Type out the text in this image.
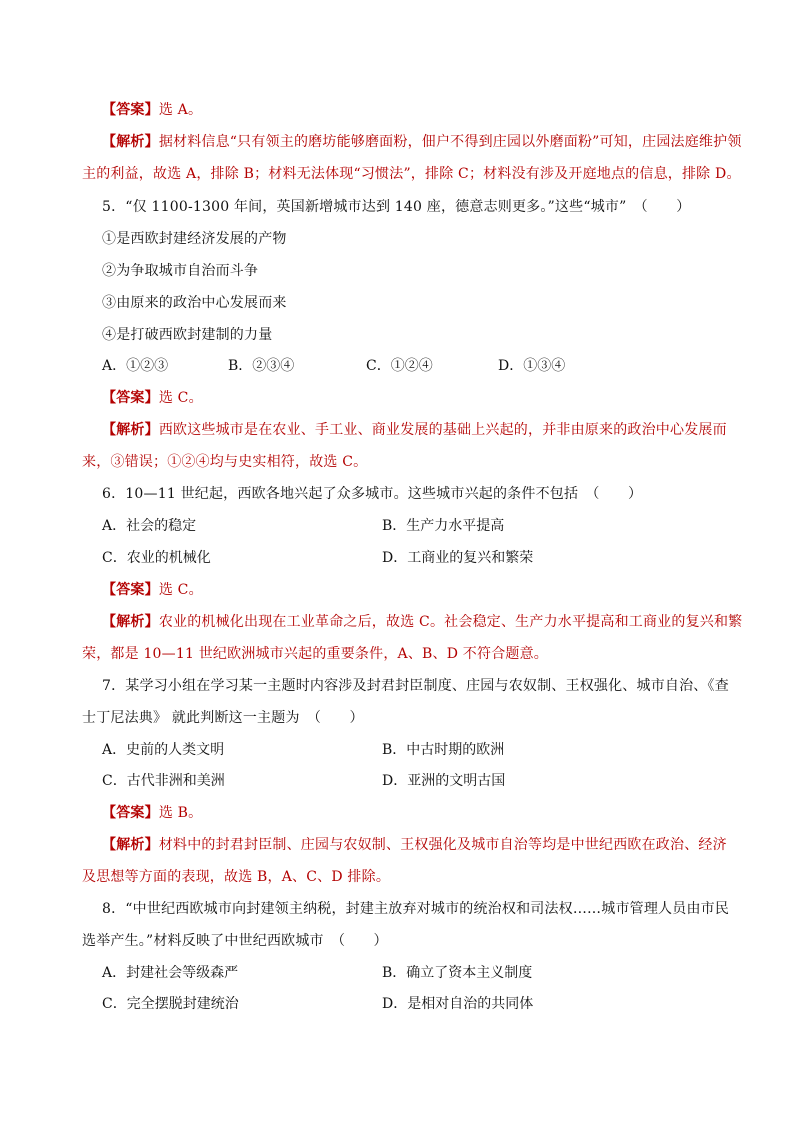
【答案】选 A。
【解析】据材料信息“只有领主的磨坊能够磨面粉，佃户不得到庄园以外磨面粉”可知，庄园法庭维护领
主的利益，故选 A，排除 B；材料无法体现“习惯法”，排除 C；材料没有涉及开庭地点的信息，排除 D。
5．“仅 1100-1300 年间，英国新增城市达到 140 座，德意志则更多。”这些“城市”　（　　）
①是西欧封建经济发展的产物
②为争取城市自治而斗争
③由原来的政治中心发展而来
④是打破西欧封建制的力量
A．①②③	B．②③④	C．①②④	D．①③④
【答案】选 C。
【解析】西欧这些城市是在农业、手工业、商业发展的基础上兴起的，并非由原来的政治中心发展而
来，③错误；①②④均与史实相符，故选 C。
6．10—11 世纪起，西欧各地兴起了众多城市。这些城市兴起的条件不包括　（　　）
A．社会的稳定	B．生产力水平提高
C．农业的机械化	D．工商业的复兴和繁荣
【答案】选 C。
【解析】农业的机械化出现在工业革命之后，故选 C。社会稳定、生产力水平提高和工商业的复兴和繁
荣，都是 10—11 世纪欧洲城市兴起的重要条件，A、B、D 不符合题意。
7．某学习小组在学习某一主题时内容涉及封君封臣制度、庄园与农奴制、王权强化、城市自治、《查
士丁尼法典》 就此判断这一主题为　（　　）
A．史前的人类文明	B．中古时期的欧洲
C．古代非洲和美洲	D．亚洲的文明古国
【答案】选 B。
【解析】材料中的封君封臣制、庄园与农奴制、王权强化及城市自治等均是中世纪西欧在政治、经济
及思想等方面的表现，故选 B，A、C、D 排除。
8．“中世纪西欧城市向封建领主纳税，封建主放弃对城市的统治权和司法权……城市管理人员由市民
选举产生。”材料反映了中世纪西欧城市　（　　）
A．封建社会等级森严	B．确立了资本主义制度
C．完全摆脱封建统治	D．是相对自治的共同体
